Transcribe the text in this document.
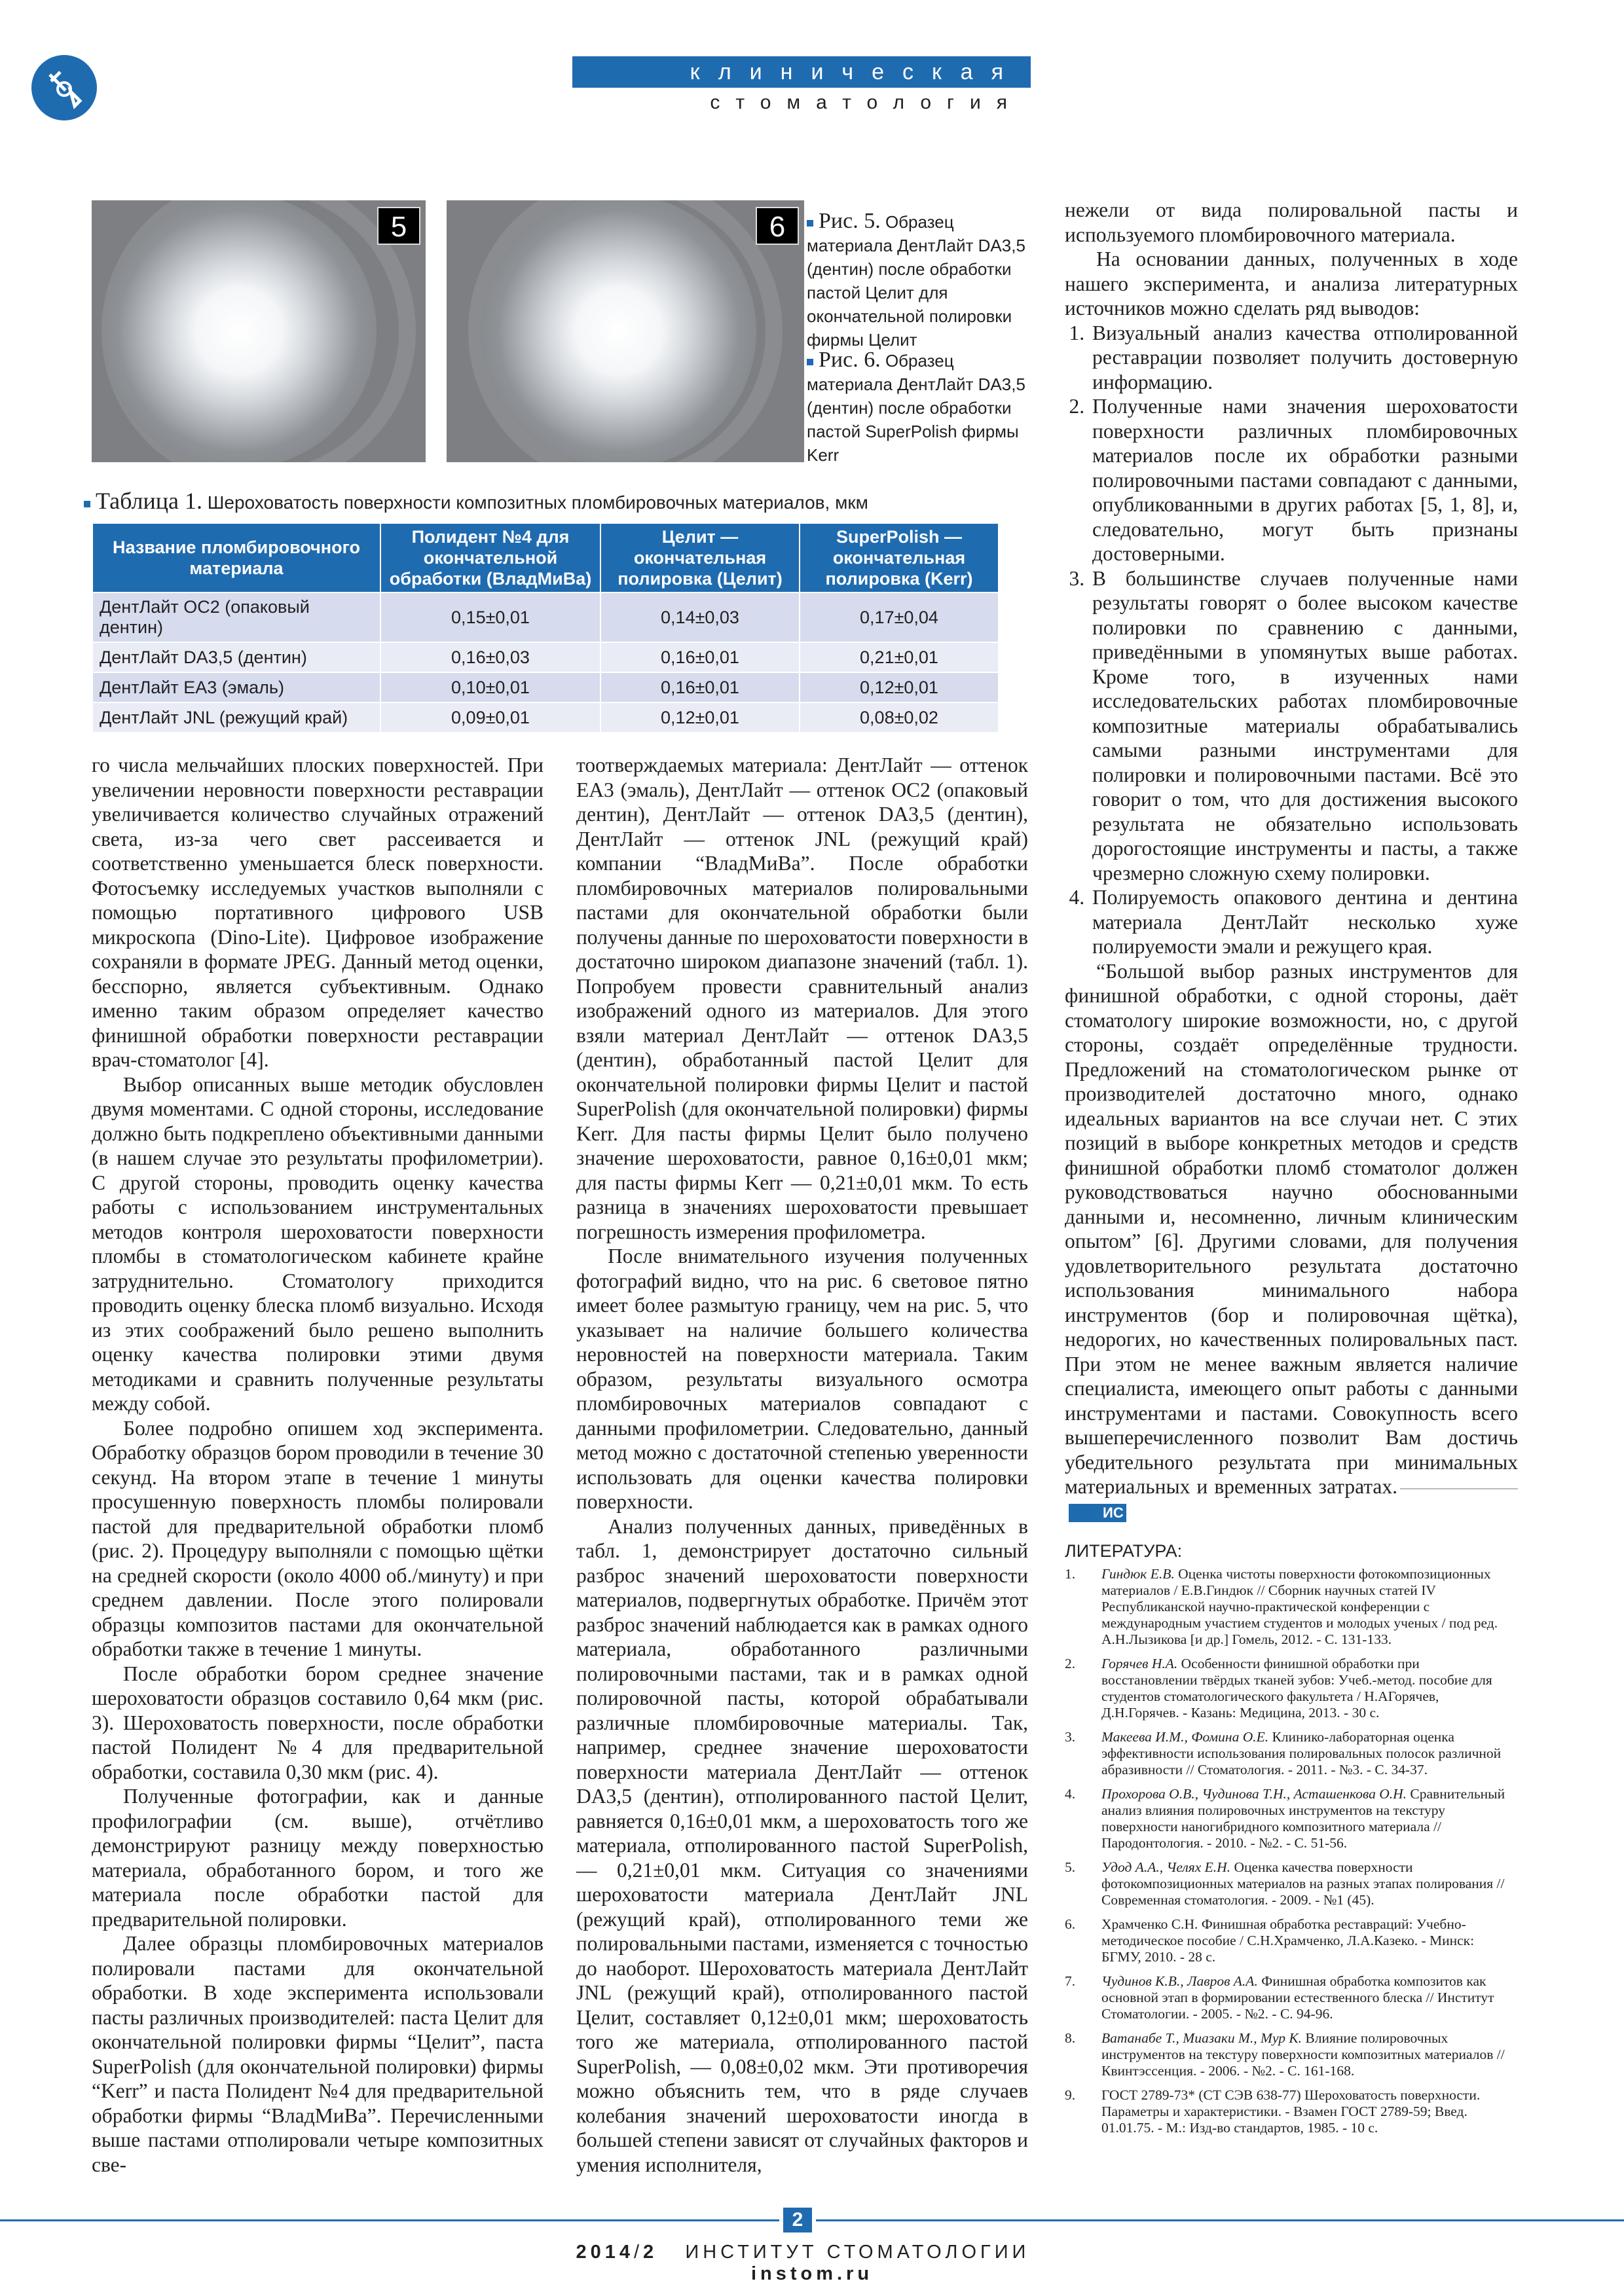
клиническая
стоматология
5	6	Рис. 5. Образец материала ДентЛайт DA3,5 (дентин) после обработки пастой Целит для окончательной полировки фирмы Целит
Рис. 6. Образец материала ДентЛайт DA3,5 (дентин) после обработки пастой SuperPolish фирмы Kerr
Таблица 1. Шероховатость поверхности композитных пломбировочных материалов, мкм
Название пломбировочного материала	Полидент №4 для окончательной обработки (ВладМиВа)	Целит — окончательная полировка (Целит)	SuperPolish — окончательная полировка (Kerr)
ДентЛайт OC2 (опаковый дентин)	0,15±0,01	0,14±0,03	0,17±0,04
ДентЛайт DA3,5 (дентин)	0,16±0,03	0,16±0,01	0,21±0,01
ДентЛайт EA3 (эмаль)	0,10±0,01	0,16±0,01	0,12±0,01
ДентЛайт JNL (режущий край)	0,09±0,01	0,12±0,01	0,08±0,02

го числа мельчайших плоских поверхностей. При увеличении неровности поверхности реставрации увеличивается количество случайных отражений света, из-за чего свет рассеивается и соответственно уменьшается блеск поверхности. Фотосъемку исследуемых участков выполняли с помощью портативного цифрового USB микроскопа (Dino-Lite). Цифровое изображение сохраняли в формате JPEG. Данный метод оценки, бесспорно, является субъективным. Однако именно таким образом определяет качество финишной обработки поверхности реставрации врач-стоматолог [4].

Выбор описанных выше методик обусловлен двумя моментами. С одной стороны, исследование должно быть подкреплено объективными данными (в нашем случае это результаты профилометрии). С другой стороны, проводить оценку качества работы с использованием инструментальных методов контроля шероховатости поверхности пломбы в стоматологическом кабинете крайне затруднительно. Стоматологу приходится проводить оценку блеска пломб визуально. Исходя из этих соображений было решено выполнить оценку качества полировки этими двумя методиками и сравнить полученные результаты между собой.

Более подробно опишем ход эксперимента. Обработку образцов бором проводили в течение 30 секунд. На втором этапе в течение 1 минуты просушенную поверхность пломбы полировали пастой для предварительной обработки пломб (рис. 2). Процедуру выполняли с помощью щётки на средней скорости (около 4000 об./минуту) и при среднем давлении. После этого полировали образцы композитов пастами для окончательной обработки также в течение 1 минуты.

После обработки бором среднее значение шероховатости образцов составило 0,64 мкм (рис. 3). Шероховатость поверхности, после обработки пастой Полидент №4 для предварительной обработки, составила 0,30 мкм (рис. 4).

Полученные фотографии, как и данные профилографии (см. выше), отчётливо демонстрируют разницу между поверхностью материала, обработанного бором, и того же материала после обработки пастой для предварительной полировки.

Далее образцы пломбировочных материалов полировали пастами для окончательной обработки. В ходе эксперимента использовали пасты различных производителей: паста Целит для окончательной полировки фирмы “Целит”, паста SuperPolish (для окончательной полировки) фирмы “Kerr” и паста Полидент №4 для предварительной обработки фирмы “ВладМиВа”. Перечисленными выше пастами отполировали четыре композитных све-

тоотверждаемых материала: ДентЛайт — оттенок EA3 (эмаль), ДентЛайт — оттенок OC2 (опаковый дентин), ДентЛайт — оттенок DA3,5 (дентин), ДентЛайт — оттенок JNL (режущий край) компании “ВладМиВа”. После обработки пломбировочных материалов полировальными пастами для окончательной обработки были получены данные по шероховатости поверхности в достаточно широком диапазоне значений (табл. 1). Попробуем провести сравнительный анализ изображений одного из материалов. Для этого взяли материал ДентЛайт — оттенок DA3,5 (дентин), обработанный пастой Целит для окончательной полировки фирмы Целит и пастой SuperPolish (для окончательной полировки) фирмы Kerr. Для пасты фирмы Целит было получено значение шероховатости, равное 0,16±0,01 мкм; для пасты фирмы Kerr — 0,21±0,01 мкм. То есть разница в значениях шероховатости превышает погрешность измерения профилометра.

После внимательного изучения полученных фотографий видно, что на рис. 6 световое пятно имеет более размытую границу, чем на рис. 5, что указывает на наличие большего количества неровностей на поверхности материала. Таким образом, результаты визуального осмотра пломбировочных материалов совпадают с данными профилометрии. Следовательно, данный метод можно с достаточной степенью уверенности использовать для оценки качества полировки поверхности.

Анализ полученных данных, приведённых в табл. 1, демонстрирует достаточно сильный разброс значений шероховатости поверхности материалов, подвергнутых обработке. Причём этот разброс значений наблюдается как в рамках одного материала, обработанного различными полировочными пастами, так и в рамках одной полировочной пасты, которой обрабатывали различные пломбировочные материалы. Так, например, среднее значение шероховатости поверхности материала ДентЛайт — оттенок DA3,5 (дентин), отполированного пастой Целит, равняется 0,16±0,01 мкм, а шероховатость того же материала, отполированного пастой SuperPolish, — 0,21±0,01 мкм. Ситуация со значениями шероховатости материала ДентЛайт JNL (режущий край), отполированного теми же полировальными пастами, изменяется с точностью до наоборот. Шероховатость материала ДентЛайт JNL (режущий край), отполированного пастой Целит, составляет 0,12±0,01 мкм; шероховатость того же материала, отполированного пастой SuperPolish, — 0,08±0,02 мкм. Эти противоречия можно объяснить тем, что в ряде случаев колебания значений шероховатости иногда в большей степени зависят от случайных факторов и умения исполнителя,

нежели от вида полировальной пасты и используемого пломбировочного материала.

На основании данных, полученных в ходе нашего эксперимента, и анализа литературных источников можно сделать ряд выводов:

1. Визуальный анализ качества отполированной реставрации позволяет получить достоверную информацию.
2. Полученные нами значения шероховатости поверхности различных пломбировочных материалов после их обработки разными полировочными пастами совпадают с данными, опубликованными в других работах [5, 1, 8], и, следовательно, могут быть признаны достоверными.
3. В большинстве случаев полученные нами результаты говорят о более высоком качестве полировки по сравнению с данными, приведёнными в упомянутых выше работах. Кроме того, в изученных нами исследовательских работах пломбировочные композитные материалы обрабатывались самыми разными инструментами для полировки и полировочными пастами. Всё это говорит о том, что для достижения высокого результата не обязательно использовать дорогостоящие инструменты и пасты, а также чрезмерно сложную схему полировки.
4. Полируемость опакового дентина и дентина материала ДентЛайт несколько хуже полируемости эмали и режущего края.

“Большой выбор разных инструментов для финишной обработки, с одной стороны, даёт стоматологу широкие возможности, но, с другой стороны, создаёт определённые трудности. Предложений на стоматологическом рынке от производителей достаточно много, однако идеальных вариантов на все случаи нет. С этих позиций в выборе конкретных методов и средств финишной обработки пломб стоматолог должен руководствоваться научно обоснованными данными и, несомненно, личным клиническим опытом” [6]. Другими словами, для получения удовлетворительного результата достаточно использования минимального набора инструментов (бор и полировочная щётка), недорогих, но качественных полировальных паст. При этом не менее важным является наличие специалиста, имеющего опыт работы с данными инструментами и пастами. Совокупность всего вышеперечисленного позволит Вам достичь убедительного результата при минимальных материальных и временных затратах.ИС

ЛИТЕРАТУРА:
1. Гиндюк Е.В. Оценка чистоты поверхности фотокомпозиционных материалов / Е.В.Гиндюк // Сборник научных статей IV Республиканской научно-практической конференции с международным участием студентов и молодых ученых / под ред. А.Н.Лызикова [и др.] Гомель, 2012. - С. 131-133.
2. Горячев Н.А. Особенности финишной обработки при восстановлении твёрдых тканей зубов: Учеб.-метод. пособие для студентов стоматологического факультета / Н.АГорячев, Д.Н.Горячев. - Казань: Медицина, 2013. - 30 с.
3. Макеева И.М., Фомина О.Е. Клинико-лабораторная оценка эффективности использования полировальных полосок различной абразивности // Стоматология. - 2011. - №3. - С. 34-37.
4. Прохорова О.В., Чудинова Т.Н., Асташенкова О.Н. Сравнительный анализ влияния полировочных инструментов на текстуру поверхности наногибридного композитного материала // Пародонтология. - 2010. - №2. - С. 51-56.
5. Удод А.А., Челях Е.Н. Оценка качества поверхности фотокомпозиционных материалов на разных этапах полирования // Современная стоматология. - 2009. - №1 (45).
6. Храмченко С.Н. Финишная обработка реставраций: Учебно-методическое пособие / С.Н.Храмченко, Л.А.Казеко. - Минск: БГМУ, 2010. - 28 с.
7. Чудинов К.В., Лавров А.А. Финишная обработка композитов как основной этап в формировании естественного блеска // Институт Стоматологии. - 2005. - №2. - С. 94-96.
8. Ватанабе Т., Миазаки М., Мур К. Влияние полировочных инструментов на текстуру поверхности композитных материалов // Квинтэссенция. - 2006. - №2. - С. 161-168.
9. ГОСТ 2789-73* (СТ СЭВ 638-77) Шероховатость поверхности. Параметры и характеристики. - Взамен ГОСТ 2789-59; Введ. 01.01.75. - М.: Изд-во стандартов, 1985. - 10 с.
2
2014/2 ИНСТИТУТ СТОМАТОЛОГИИ   instom.ru
